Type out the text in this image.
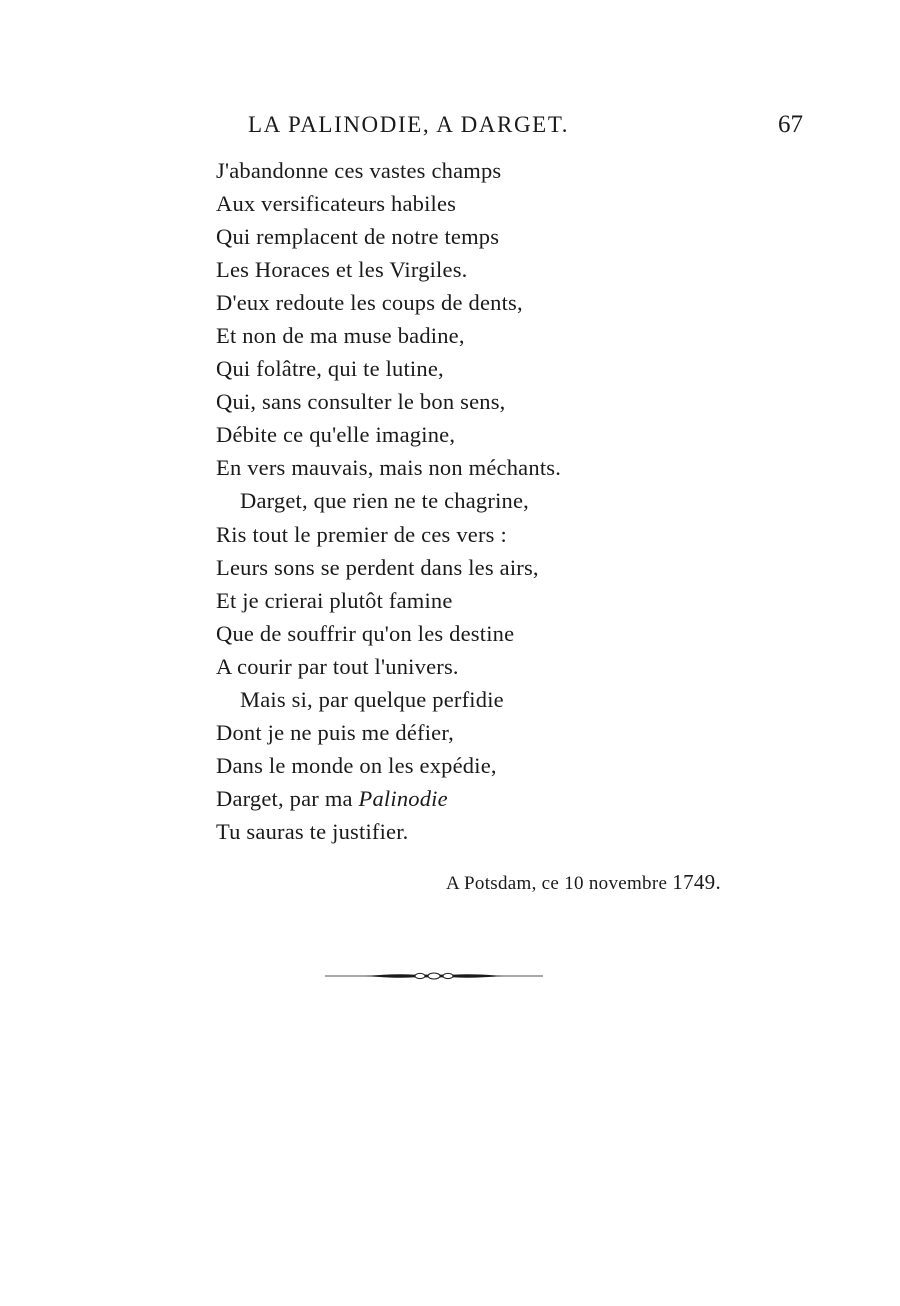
LA PALINODIE, A DARGET.	67
J'abandonne ces vastes champs
Aux versificateurs habiles
Qui remplacent de notre temps
Les Horaces et les Virgiles.
D'eux redoute les coups de dents,
Et non de ma muse badine,
Qui folâtre, qui te lutine,
Qui, sans consulter le bon sens,
Débite ce qu'elle imagine,
En vers mauvais, mais non méchants.
Darget, que rien ne te chagrine,
Ris tout le premier de ces vers :
Leurs sons se perdent dans les airs,
Et je crierai plutôt famine
Que de souffrir qu'on les destine
A courir par tout l'univers.
Mais si, par quelque perfidie
Dont je ne puis me défier,
Dans le monde on les expédie,
Darget, par ma Palinodie
Tu sauras te justifier.
A Potsdam, ce 10 novembre 1749.
